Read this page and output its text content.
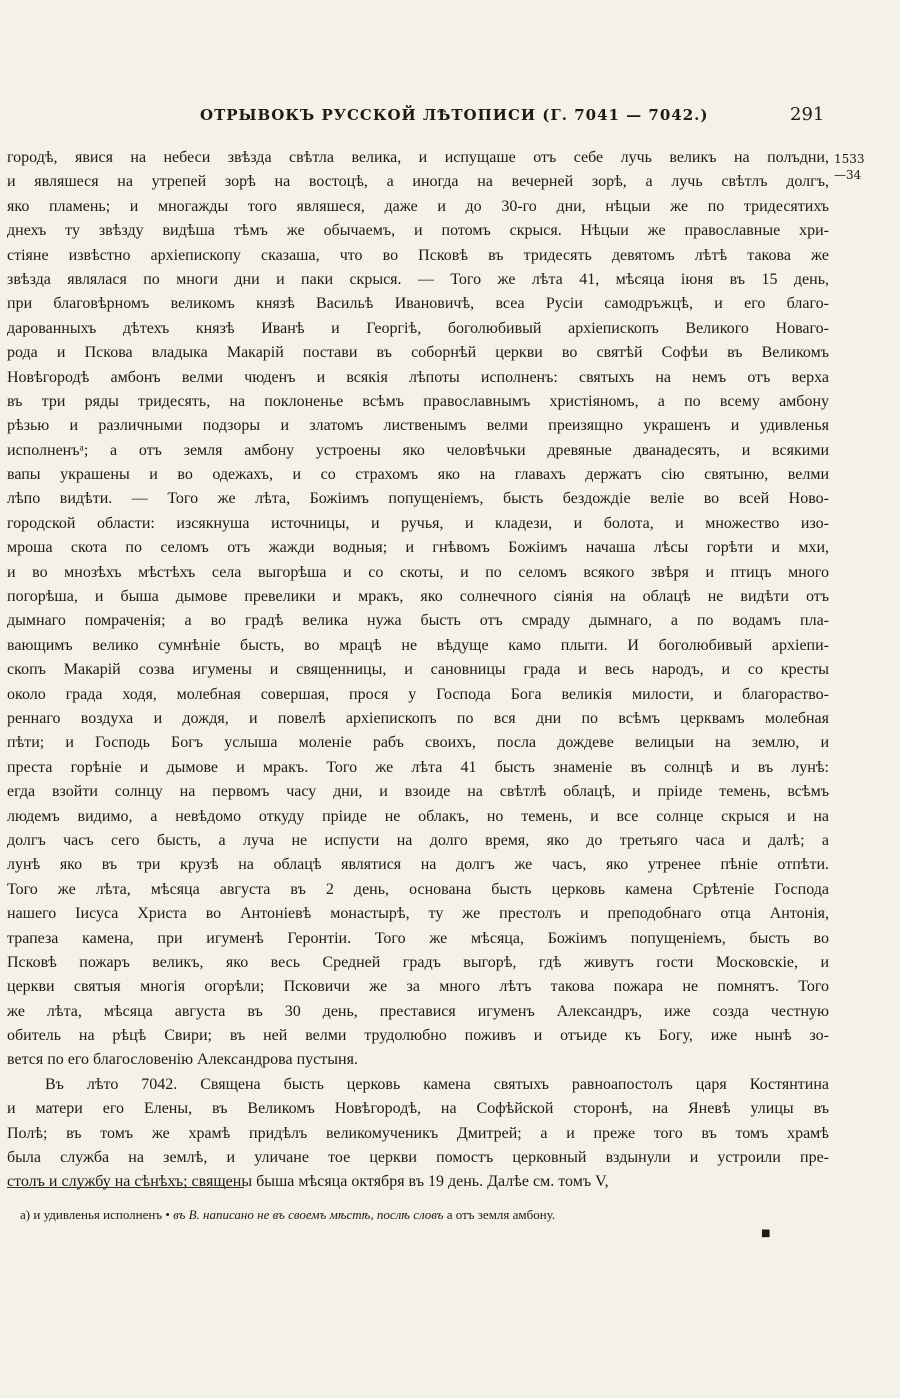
ОТРЫВОКЪ РУССКОЙ ЛѢТОПИСИ (Г. 7041 — 7042.)	291
1533
—34
городѣ, явися на небеси звѣзда свѣтла велика, и испущаше отъ себе лучь великъ на полъдни,
и являшеся на утрепей зорѣ на востоцѣ, а иногда на вечерней зорѣ, а лучь свѣтлъ долгъ,
яко пламень; и многажды того являшеся, даже и до 30-го дни, нѣцыи же по тридесятихъ
днехъ ту звѣзду видѣша тѣмъ же обычаемъ, и потомъ скрыся. Нѣцыи же православные хри-
стіяне извѣстно архіепископу сказаша, что во Псковѣ въ тридесять девятомъ лѣтѣ такова же
звѣзда являлася по многи дни и паки скрыся. — Того же лѣта 41, мѣсяца іюня въ 15 день,
при благовѣрномъ великомъ князѣ Васильѣ Ивановичѣ, всеа Русіи самодръжцѣ, и его благо-
дарованныхъ дѣтехъ князѣ Иванѣ и Георгіѣ, боголюбивый архіепископъ Великого Новаго-
рода и Пскова владыка Макарій постави въ соборнѣй церкви во святѣй Софѣи въ Великомъ
Новѣгородѣ амбонъ велми чюденъ и всякія лѣпоты исполненъ: святыхъ на немъ отъ верха
въ три ряды тридесять, на поклоненье всѣмъ православнымъ христіяномъ, а по всему амбону
рѣзью и различными подзоры и златомъ лиственымъ велми преизящно украшенъ и удивленья
исполненъᵃ; а отъ земля амбону устроены яко человѣчьки древяные дванадесять, и всякими
вапы украшены и во одежахъ, и со страхомъ яко на главахъ держатъ сію святыню, велми
лѣпо видѣти. — Того же лѣта, Божіимъ попущеніемъ, бысть бездождіе веліе во всей Ново-
городской области: изсякнуша источницы, и ручья, и кладези, и болота, и множество изо-
мроша скота по селомъ отъ жажди водныя; и гнѣвомъ Божіимъ начаша лѣсы горѣти и мхи,
и во мнозѣхъ мѣстѣхъ села выгорѣша и со скоты, и по селомъ всякого звѣря и птицъ много
погорѣша, и быша дымове превелики и мракъ, яко солнечного сіянія на облацѣ не видѣти отъ
дымнаго помраченія; а во градѣ велика нужа бысть отъ смраду дымнаго, а по водамъ пла-
вающимъ велико сумнѣніе бысть, во мрацѣ не вѣдуще камо плыти. И боголюбивый архіепи-
скопъ Макарій созва игумены и священницы, и сановницы града и весь народъ, и со кресты
около града ходя, молебная совершая, прося у Господа Бога великія милости, и благораство-
реннаго воздуха и дождя, и повелѣ архіепископъ по вся дни по всѣмъ церквамъ молебная
пѣти; и Господь Богъ услыша моленіе рабъ своихъ, посла дождеве велицыи на землю, и
преста горѣніе и дымове и мракъ. Того же лѣта 41 бысть знаменіе въ солнцѣ и въ лунѣ:
егда взойти солнцу на первомъ часу дни, и взоиде на свѣтлѣ облацѣ, и пріиде темень, всѣмъ
людемъ видимо, а невѣдомо откуду пріиде не облакъ, но темень, и все солнце скрыся и на
долгъ часъ сего бысть, а луча не испусти на долго время, яко до третьяго часа и далѣ; а
лунѣ яко въ три крузѣ на облацѣ являтися на долгъ же часъ, яко утренее пѣніе отпѣти.
Того же лѣта, мѣсяца августа въ 2 день, основана бысть церковь камена Срѣтеніе Господа
нашего Іисуса Христа во Антоніевѣ монастырѣ, ту же престолъ и преподобнаго отца Антонія,
трапеза камена, при игуменѣ Геронтіи. Того же мѣсяца, Божіимъ попущеніемъ, бысть во
Псковѣ пожаръ великъ, яко весь Средней градъ выгорѣ, гдѣ живутъ гости Московскіе, и
церкви святыя многія огорѣли; Псковичи же за много лѣтъ такова пожара не помнятъ. Того
же лѣта, мѣсяца августа въ 30 день, преставися игуменъ Александръ, иже созда честную
обитель на рѣцѣ Свири; въ ней велми трудолюбно поживъ и отъиде къ Богу, иже нынѣ зо-
вется по его благословенію Александрова пустыня.
Въ лѣто 7042. Священа бысть церковь камена святыхъ равноапостолъ царя Костянтина
и матери его Елены, въ Великомъ Новѣгородѣ, на Софѣйской сторонѣ, на Яневѣ улицы въ
Полѣ; въ томъ же храмѣ придѣлъ великомученикъ Дмитрей; а и преже того въ томъ храмѣ
была служба на землѣ, и уличане тое церкви помостъ церковный вздынули и устроили пре-
столъ и службу на сѣнѣхъ; священы быша мѣсяца октября въ 19 день. Далѣе см. томъ V,
а) и удивленья исполненъ • въ В. написано не въ своемъ мѣстѣ, послѣ словъ а отъ земля амбону.
■
